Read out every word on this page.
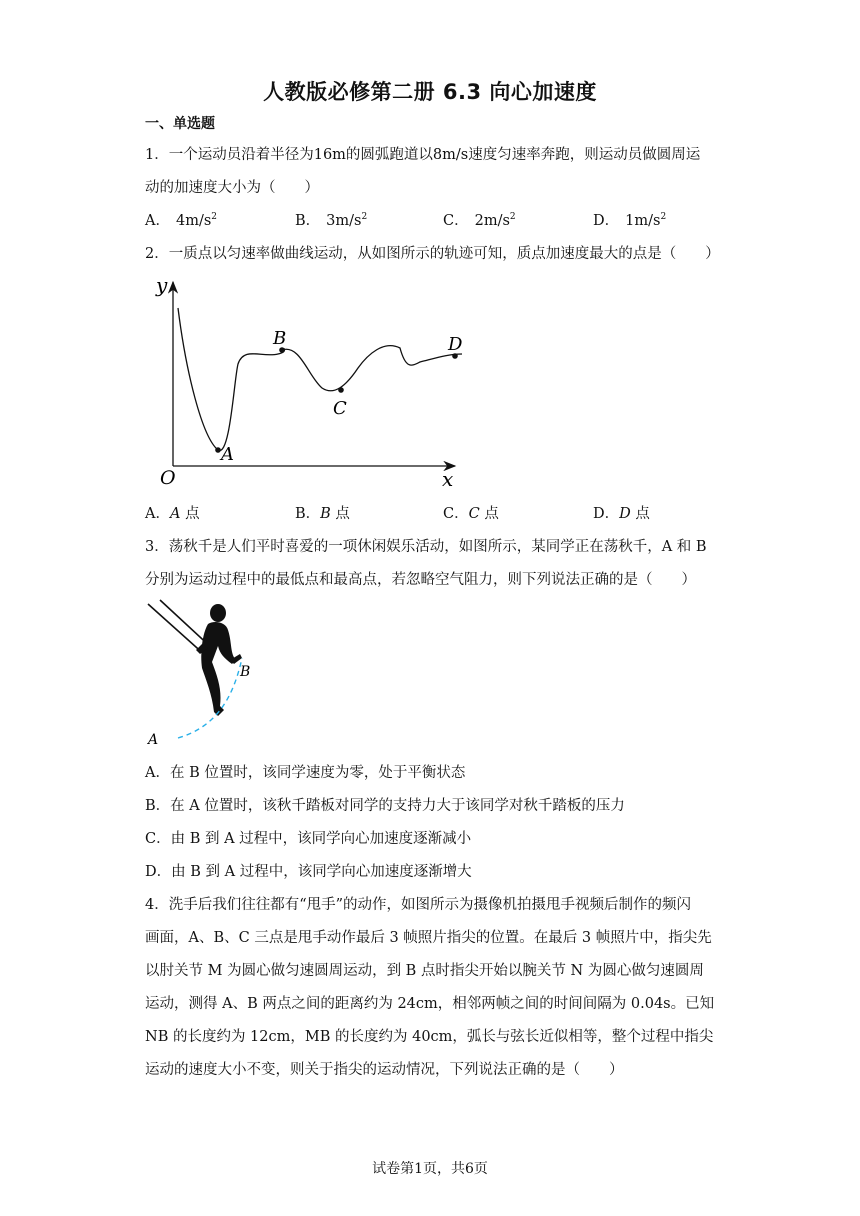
人教版必修第二册 6.3 向心加速度
一、单选题
1．一个运动员沿着半径为16m的圆弧跑道以8m/s速度匀速率奔跑，则运动员做圆周运
动的加速度大小为（　　）
A． $4m/s^2$	B． $3m/s^2$	C． $2m/s^2$	D． $1m/s^2$
2．一质点以匀速率做曲线运动，从如图所示的轨迹可知，质点加速度最大的点是（　　）
y
x
O
A
B
C
D
A．A 点	B．B 点	C．C 点	D．D 点
3．荡秋千是人们平时喜爱的一项休闲娱乐活动，如图所示，某同学正在荡秋千，A 和 B
分别为运动过程中的最低点和最高点，若忽略空气阻力，则下列说法正确的是（　　）
B
A
A．在 B 位置时，该同学速度为零，处于平衡状态
B．在 A 位置时，该秋千踏板对同学的支持力大于该同学对秋千踏板的压力
C．由 B 到 A 过程中，该同学向心加速度逐渐减小
D．由 B 到 A 过程中，该同学向心加速度逐渐增大
4．洗手后我们往往都有“甩手”的动作，如图所示为摄像机拍摄甩手视频后制作的频闪
画面，A、B、C 三点是甩手动作最后 3 帧照片指尖的位置。在最后 3 帧照片中，指尖先
以肘关节 M 为圆心做匀速圆周运动，到 B 点时指尖开始以腕关节 N 为圆心做匀速圆周
运动，测得 A、B 两点之间的距离约为 24cm，相邻两帧之间的时间间隔为 0.04s。已知
NB 的长度约为 12cm，MB 的长度约为 40cm，弧长与弦长近似相等，整个过程中指尖
运动的速度大小不变，则关于指尖的运动情况，下列说法正确的是（　　）
试卷第1页，共6页
